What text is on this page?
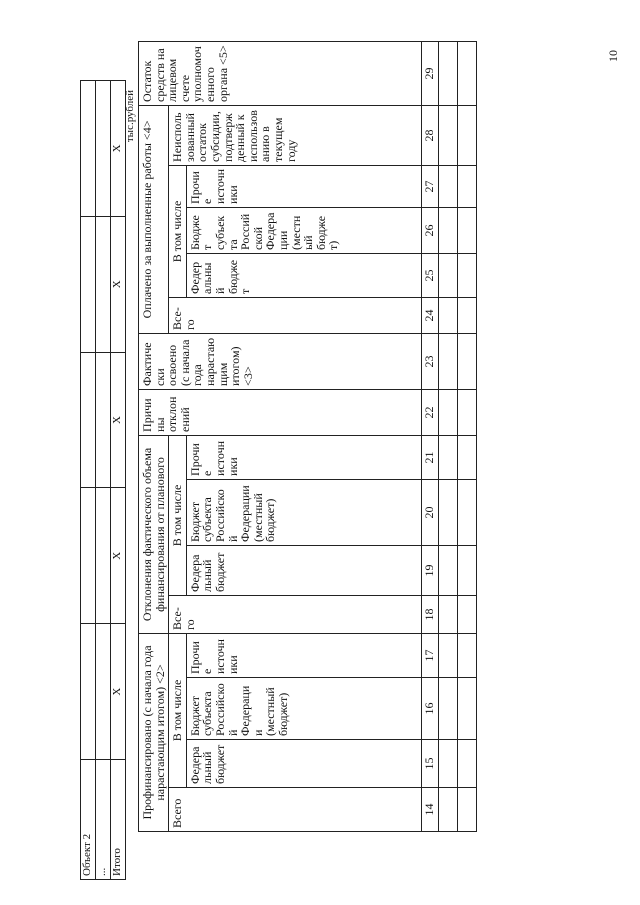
Объект 2					
...					
Итого	Х	Х	Х	Х	Х
тыс.рублей
Профинансировано (с начала года нарастающим итогом) <2>				Отклонения фактического объема финансирования от планового				Причины отклонений	Фактически освоено (с начала года нарастающим итогом) <3>	Оплачено за выполненные работы <4>					Остаток средств на лицевом счете уполномоченного органа <5>
Всего	В том числе			Все-го	В том числе					Все-го	В том числе			Неиспользованный остаток субсидии, подтвержденный к использованию в текущем году	
	Федеральный бюджет	Бюджет субъекта Российской Федерации (местный бюджет)	Прочие источники		Федеральный бюджет	Бюджет субъекта Российской Федерации (местный бюджет)	Прочие источники				Федеральный бюджет	Бюджет субъекта Российской Федерации (местный бюджет)	Прочие источники		
14	15	16	17	18	19	20	21	22	23	24	25	26	27	28	29

10
